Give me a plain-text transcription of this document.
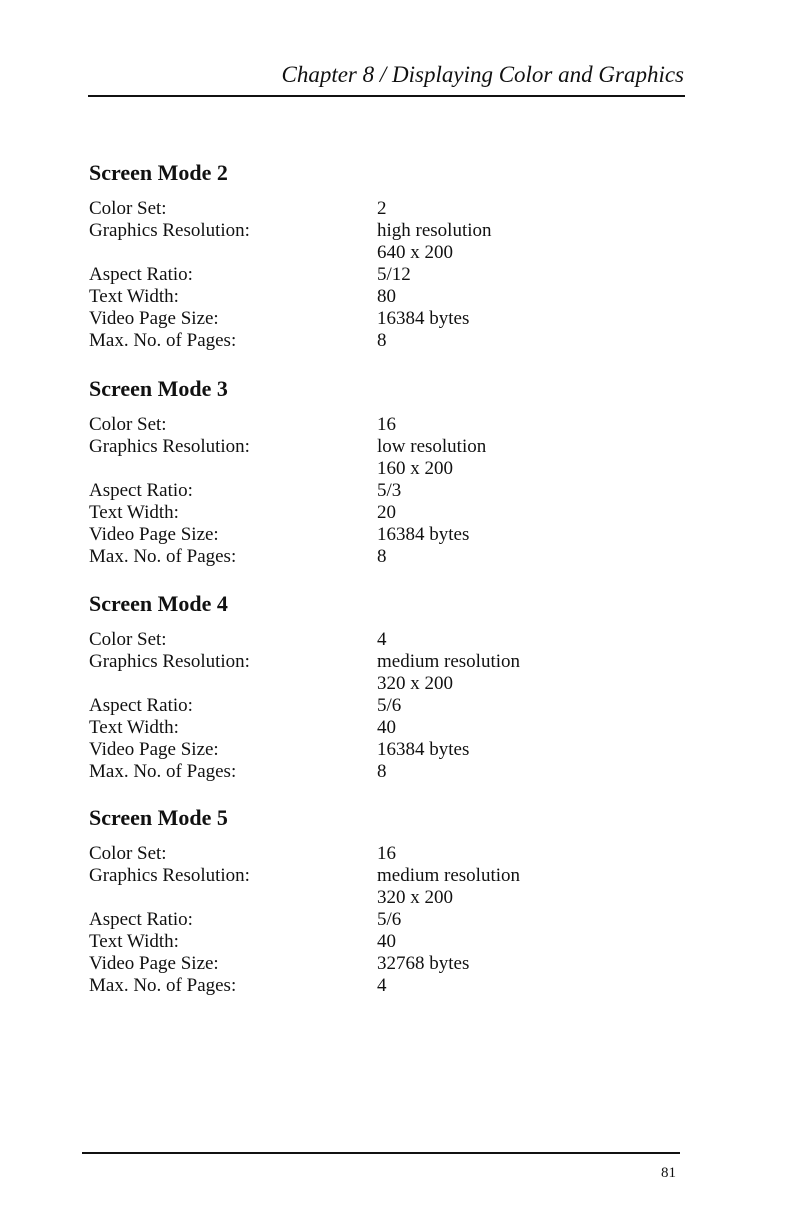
Chapter 8 / Displaying Color and Graphics
Screen Mode 2
Color Set:	2
Graphics Resolution:	high resolution
640 x 200
Aspect Ratio:	5/12
Text Width:	80
Video Page Size:	16384 bytes
Max. No. of Pages:	8
Screen Mode 3
Color Set:	16
Graphics Resolution:	low resolution
160 x 200
Aspect Ratio:	5/3
Text Width:	20
Video Page Size:	16384 bytes
Max. No. of Pages:	8
Screen Mode 4
Color Set:	4
Graphics Resolution:	medium resolution
320 x 200
Aspect Ratio:	5/6
Text Width:	40
Video Page Size:	16384 bytes
Max. No. of Pages:	8
Screen Mode 5
Color Set:	16
Graphics Resolution:	medium resolution
320 x 200
Aspect Ratio:	5/6
Text Width:	40
Video Page Size:	32768 bytes
Max. No. of Pages:	4
81
